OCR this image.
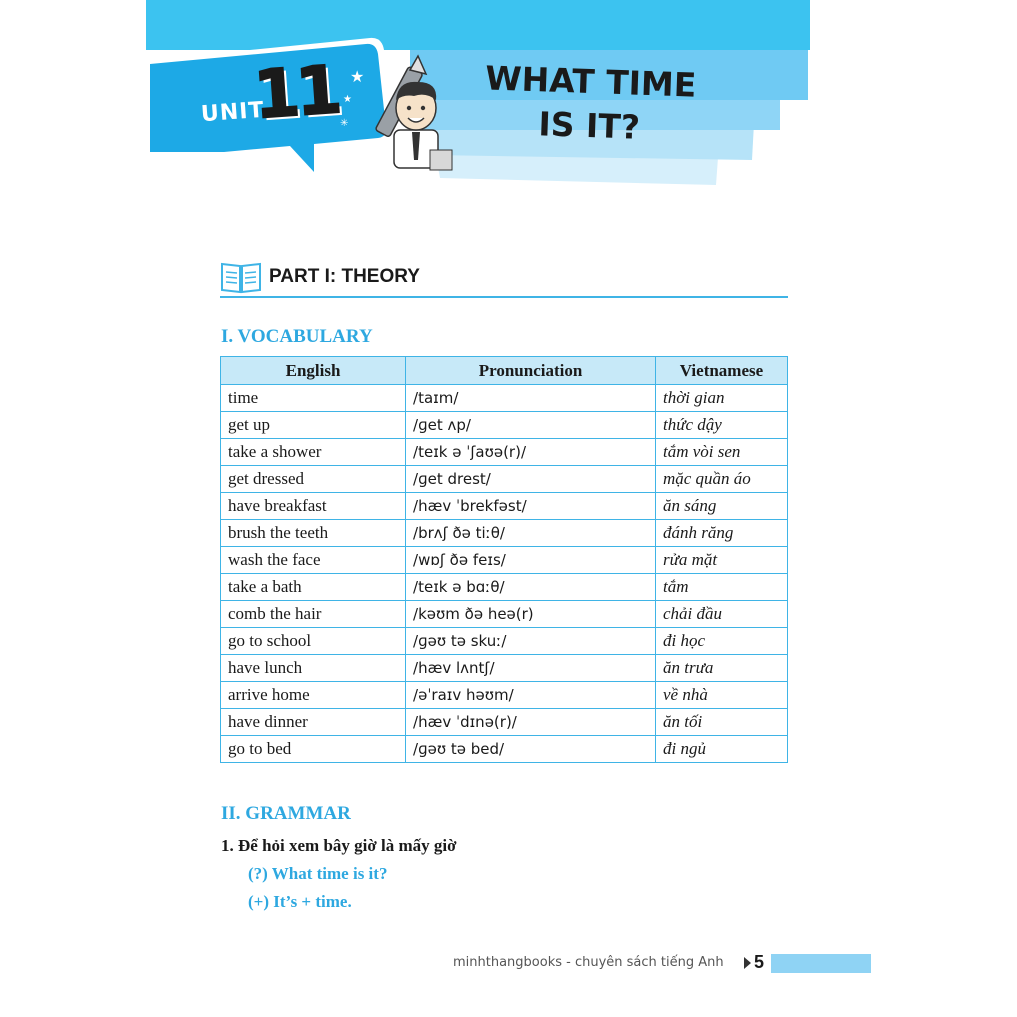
★
★
✳
UNIT
11	WHAT TIME
IS IT?
PART I: THEORY
I. VOCABULARY
English	Pronunciation	Vietnamese
time	/taɪm/	thời gian
get up	/ɡet ʌp/	thức dậy
take a shower	/teɪk ə ˈʃaʊə(r)/	tắm vòi sen
get dressed	/ɡet drest/	mặc quần áo
have breakfast	/hæv ˈbrekfəst/	ăn sáng
brush the teeth	/brʌʃ ðə tiːθ/	đánh răng
wash the face	/wɒʃ ðə feɪs/	rửa mặt
take a bath	/teɪk ə bɑːθ/	tắm
comb the hair	/kəʊm ðə heə(r)	chải đầu
go to school	/ɡəʊ tə skuː/	đi học
have lunch	/hæv lʌntʃ/	ăn trưa
arrive home	/əˈraɪv həʊm/	về nhà
have dinner	/hæv ˈdɪnə(r)/	ăn tối
go to bed	/ɡəʊ tə bed/	đi ngủ
II. GRAMMAR
1. Để hỏi xem bây giờ là mấy giờ
(?) What time is it?
(+) It’s + time.
minhthangbooks - chuyên sách tiếng Anh 5
